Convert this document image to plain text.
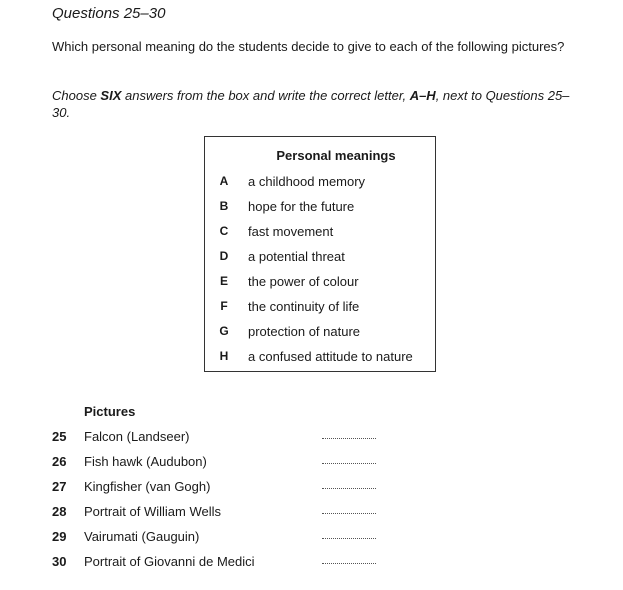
Questions 25–30
Which personal meaning do the students decide to give to each of the following pictures?
Choose SIX answers from the box and write the correct letter, A–H, next to Questions 25–30.
Personal meanings
A a childhood memory
B hope for the future
C fast movement
D a potential threat
E the power of colour
F the continuity of life
G protection of nature
H a confused attitude to nature
Pictures
25 Falcon (Landseer)
26 Fish hawk (Audubon)
27 Kingfisher (van Gogh)
28 Portrait of William Wells
29 Vairumati (Gauguin)
30 Portrait of Giovanni de Medici
